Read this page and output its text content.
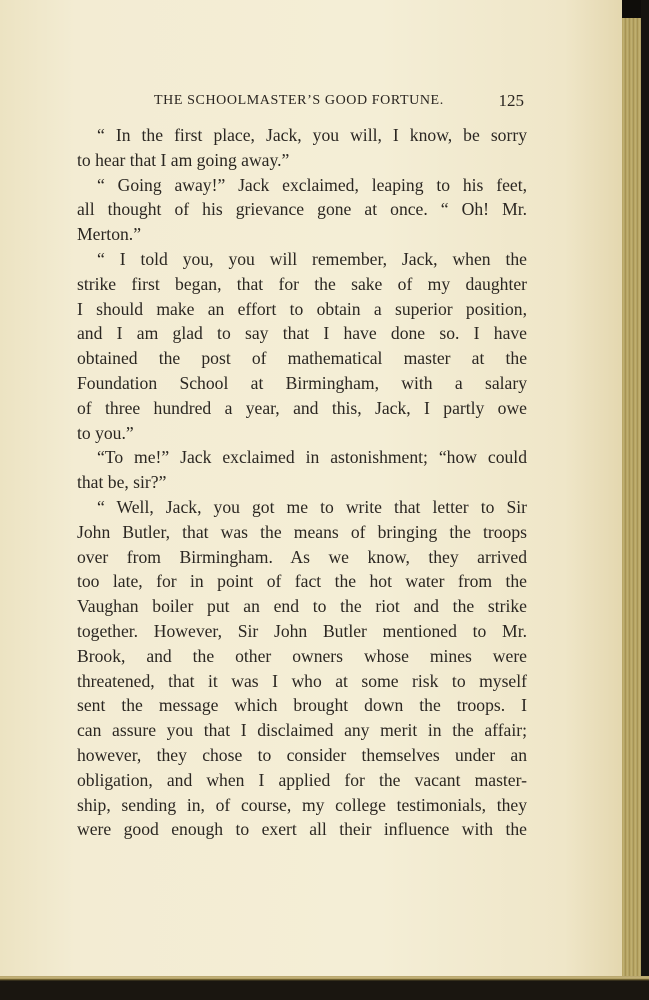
THE SCHOOLMASTER’S GOOD FORTUNE.	125
“ In the first place, Jack, you will, I know, be sorry
to hear that I am going away.”
“ Going away!” Jack exclaimed, leaping to his feet,
all thought of his grievance gone at once. “ Oh! Mr.
Merton.”
“ I told you, you will remember, Jack, when the
strike first began, that for the sake of my daughter
I should make an effort to obtain a superior position,
and I am glad to say that I have done so. I have
obtained the post of mathematical master at the
Foundation School at Birmingham, with a salary
of three hundred a year, and this, Jack, I partly owe
to you.”
“To me!” Jack exclaimed in astonishment; “how could
that be, sir?”
“ Well, Jack, you got me to write that letter to Sir
John Butler, that was the means of bringing the troops
over from Birmingham. As we know, they arrived
too late, for in point of fact the hot water from the
Vaughan boiler put an end to the riot and the strike
together. However, Sir John Butler mentioned to Mr.
Brook, and the other owners whose mines were
threatened, that it was I who at some risk to myself
sent the message which brought down the troops. I
can assure you that I disclaimed any merit in the affair;
however, they chose to consider themselves under an
obligation, and when I applied for the vacant master-
ship, sending in, of course, my college testimonials, they
were good enough to exert all their influence with the
